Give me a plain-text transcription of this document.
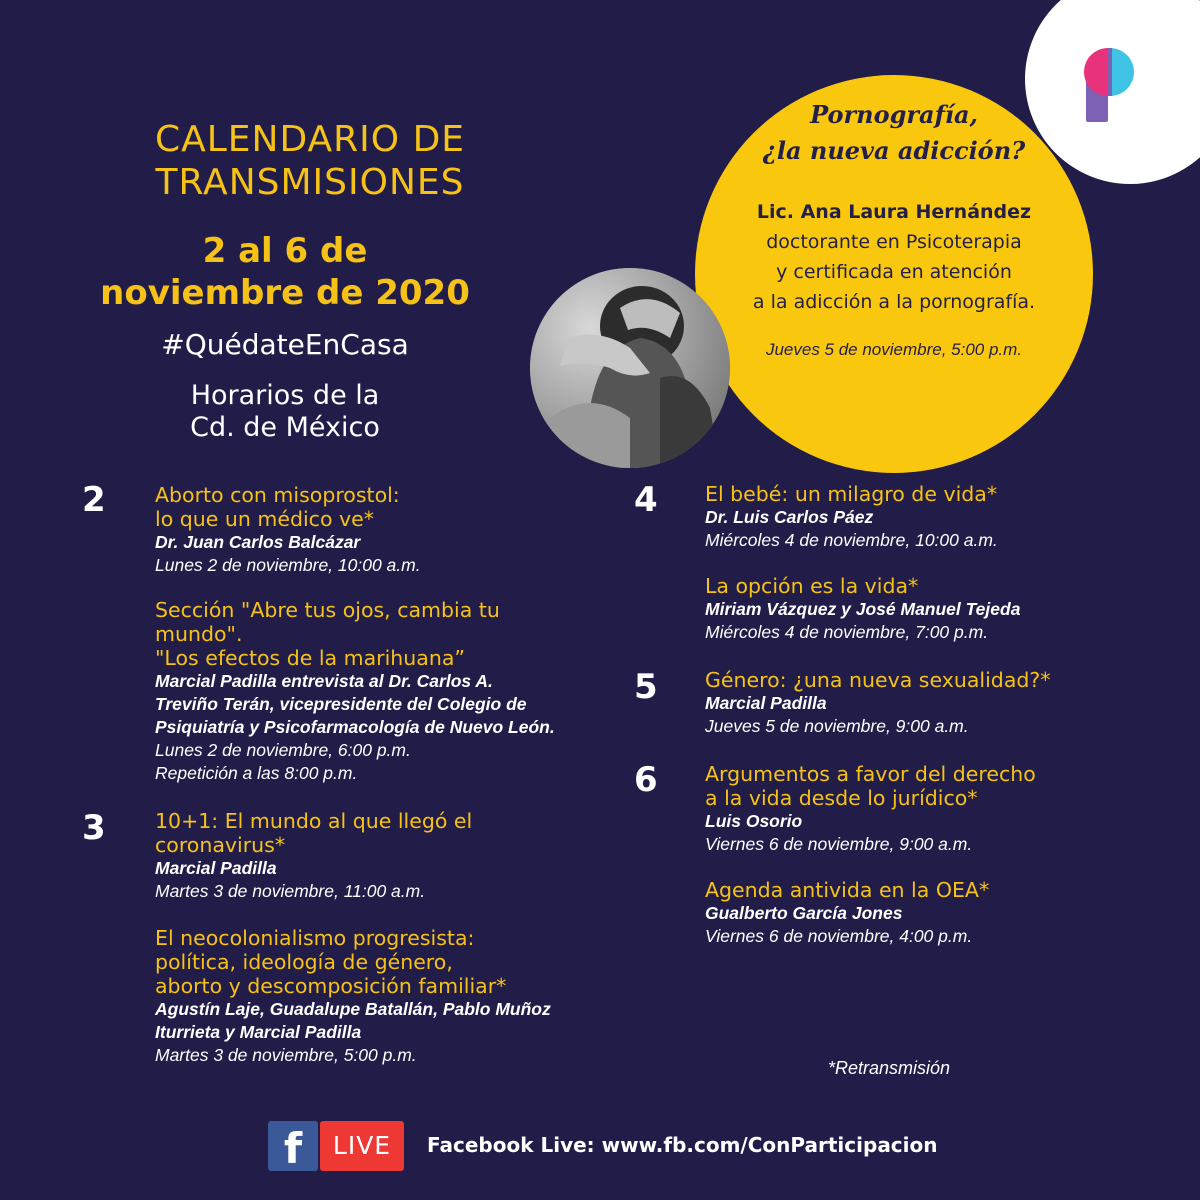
CALENDARIO DE
TRANSMISIONES
2 al 6 de
noviembre de 2020
#QuédateEnCasa
Horarios de la
Cd. de México
Pornografía,
¿la nueva adicción?
Lic. Ana Laura Hernández
doctorante en Psicoterapia
y certificada en atención
a la adicción a la pornografía.
Jueves 5 de noviembre, 5:00 p.m.
2
3
4
5
6
Aborto con misoprostol:
lo que un médico ve*
Dr. Juan Carlos Balcázar
Lunes 2 de noviembre, 10:00 a.m.
Sección "Abre tus ojos, cambia tu
mundo".
"Los efectos de la marihuana”
Marcial Padilla entrevista al Dr. Carlos A.
Treviño Terán, vicepresidente del Colegio de
Psiquiatría y Psicofarmacología de Nuevo León.
Lunes 2 de noviembre, 6:00 p.m.
Repetición a las 8:00 p.m.
10+1: El mundo al que llegó el
coronavirus*
Marcial Padilla
Martes 3 de noviembre, 11:00 a.m.
El neocolonialismo progresista:
política, ideología de género,
aborto y descomposición familiar*
Agustín Laje, Guadalupe Batallán, Pablo Muñoz
Iturrieta y Marcial Padilla
Martes 3 de noviembre, 5:00 p.m.
El bebé: un milagro de vida*
Dr. Luis Carlos Páez
Miércoles 4 de noviembre, 10:00 a.m.
La opción es la vida*
Miriam Vázquez y José Manuel Tejeda
Miércoles 4 de noviembre, 7:00 p.m.
Género: ¿una nueva sexualidad?*
Marcial Padilla
Jueves 5 de noviembre, 9:00 a.m.
Argumentos a favor del derecho
a la vida desde lo jurídico*
Luis Osorio
Viernes 6 de noviembre, 9:00 a.m.
Agenda antivida en la OEA*
Gualberto García Jones
Viernes 6 de noviembre, 4:00 p.m.
*Retransmisión
f	LIVE	Facebook Live: www.fb.com/ConParticipacion
